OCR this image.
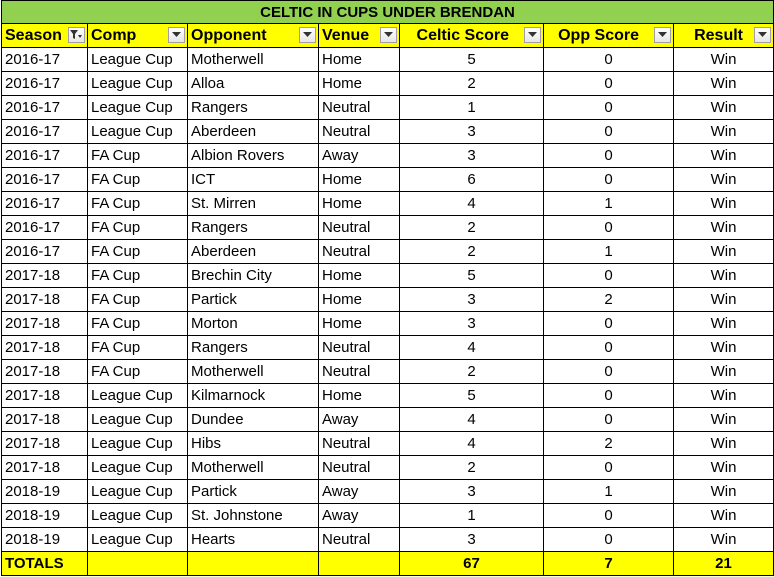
CELTIC IN CUPS UNDER BRENDAN						
Season	Comp	Opponent	Venue	Celtic Score	Opp Score	Result

2016-17	League Cup	Motherwell	Home	5	0	Win
2016-17	League Cup	Alloa	Home	2	0	Win
2016-17	League Cup	Rangers	Neutral	1	0	Win
2016-17	League Cup	Aberdeen	Neutral	3	0	Win
2016-17	FA Cup	Albion Rovers	Away	3	0	Win
2016-17	FA Cup	ICT	Home	6	0	Win
2016-17	FA Cup	St. Mirren	Home	4	1	Win
2016-17	FA Cup	Rangers	Neutral	2	0	Win
2016-17	FA Cup	Aberdeen	Neutral	2	1	Win
2017-18	FA Cup	Brechin City	Home	5	0	Win
2017-18	FA Cup	Partick	Home	3	2	Win
2017-18	FA Cup	Morton	Home	3	0	Win
2017-18	FA Cup	Rangers	Neutral	4	0	Win
2017-18	FA Cup	Motherwell	Neutral	2	0	Win
2017-18	League Cup	Kilmarnock	Home	5	0	Win
2017-18	League Cup	Dundee	Away	4	0	Win
2017-18	League Cup	Hibs	Neutral	4	2	Win
2017-18	League Cup	Motherwell	Neutral	2	0	Win
2018-19	League Cup	Partick	Away	3	1	Win
2018-19	League Cup	St. Johnstone	Away	1	0	Win
2018-19	League Cup	Hearts	Neutral	3	0	Win
TOTALS				67	7	21
